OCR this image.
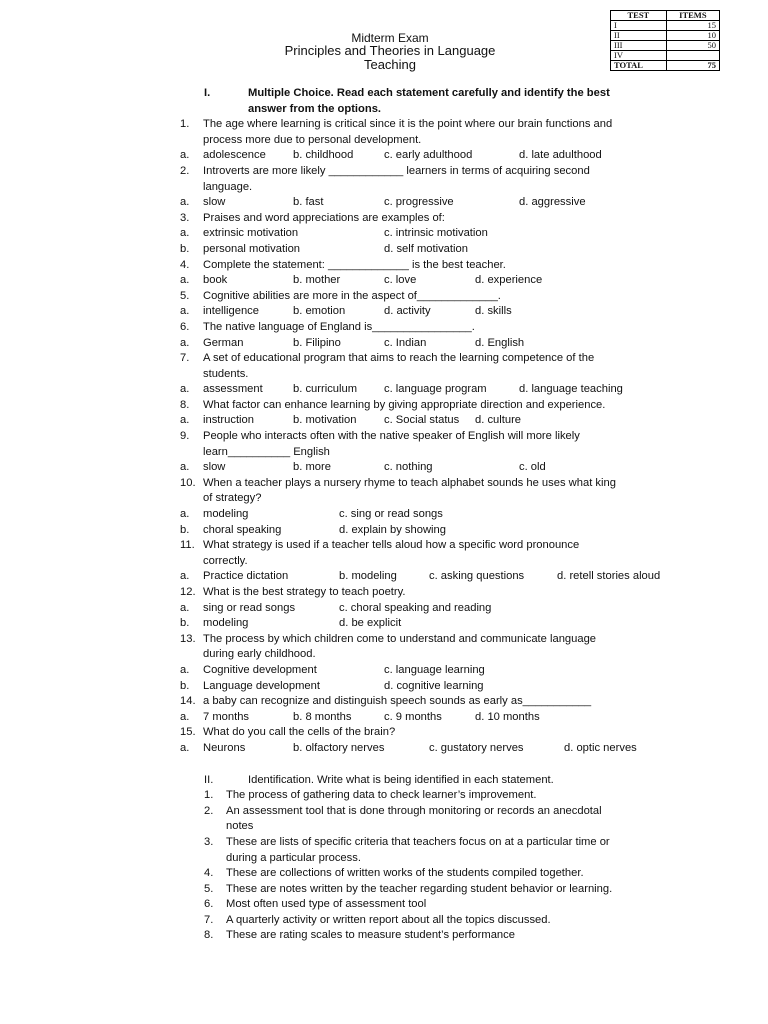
TEST	ITEMS
I	15
II	10
III	50
IV	
TOTAL	75
Midterm Exam
Principles and Theories in Language
Teaching
I.	Multiple Choice. Read each statement carefully and identify the best
answer from the options.
1. The age where learning is critical since it is the point where our brain functions and
process more due to personal development.
a. adolescence b. childhood	c. early adulthood	d. late adulthood
2. Introverts are more likely ____________ learners in terms of acquiring second
language.
a. slow	b. fast	c. progressive	d. aggressive
3. Praises and word appreciations are examples of:
a. extrinsic motivation	c. intrinsic motivation
b. personal motivation	d. self motivation
4. Complete the statement: _____________ is the best teacher.
a. book	b. mother	c. love	d. experience
5. Cognitive abilities are more in the aspect of_____________.
a. intelligence	b. emotion	d. activity	d. skills
6. The native language of England is________________.
a. German	b. Filipino	c. Indian	d. English
7. A set of educational program that aims to reach the learning competence of the
students.
a. assessment	b. curriculum c. language program	d. language teaching
8. What factor can enhance learning by giving appropriate direction and experience.
a. instruction	b. motivation c. Social status d. culture
9. People who interacts often with the native speaker of English will more likely
learn__________ English
a. slow	b. more	c. nothing	c. old
10. When a teacher plays a nursery rhyme to teach alphabet sounds he uses what king
of strategy?
a. modeling	c. sing or read songs
b. choral speaking	d. explain by showing
11. What strategy is used if a teacher tells aloud how a specific word pronounce
correctly.
a. Practice dictation	b. modeling	c. asking questions	d. retell stories aloud
12. What is the best strategy to teach poetry.
a. sing or read songs	c. choral speaking and reading
b. modeling	d. be explicit
13. The process by which children come to understand and communicate language
during early childhood.
a. Cognitive development	c. language learning
b. Language development	d. cognitive learning
14. a baby can recognize and distinguish speech sounds as early as___________
a. 7 months	b. 8 months	c. 9 months	d. 10 months
15. What do you call the cells of the brain?
a. Neurons	b. olfactory nerves	c. gustatory nerves	d. optic nerves
II.	Identification. Write what is being identified in each statement.
1. The process of gathering data to check learner’s improvement.
2. An assessment tool that is done through monitoring or records an anecdotal
notes
3. These are lists of specific criteria that teachers focus on at a particular time or
during a particular process.
4. These are collections of written works of the students compiled together.
5. These are notes written by the teacher regarding student behavior or learning.
6. Most often used type of assessment tool
7. A quarterly activity or written report about all the topics discussed.
8. These are rating scales to measure student’s performance
